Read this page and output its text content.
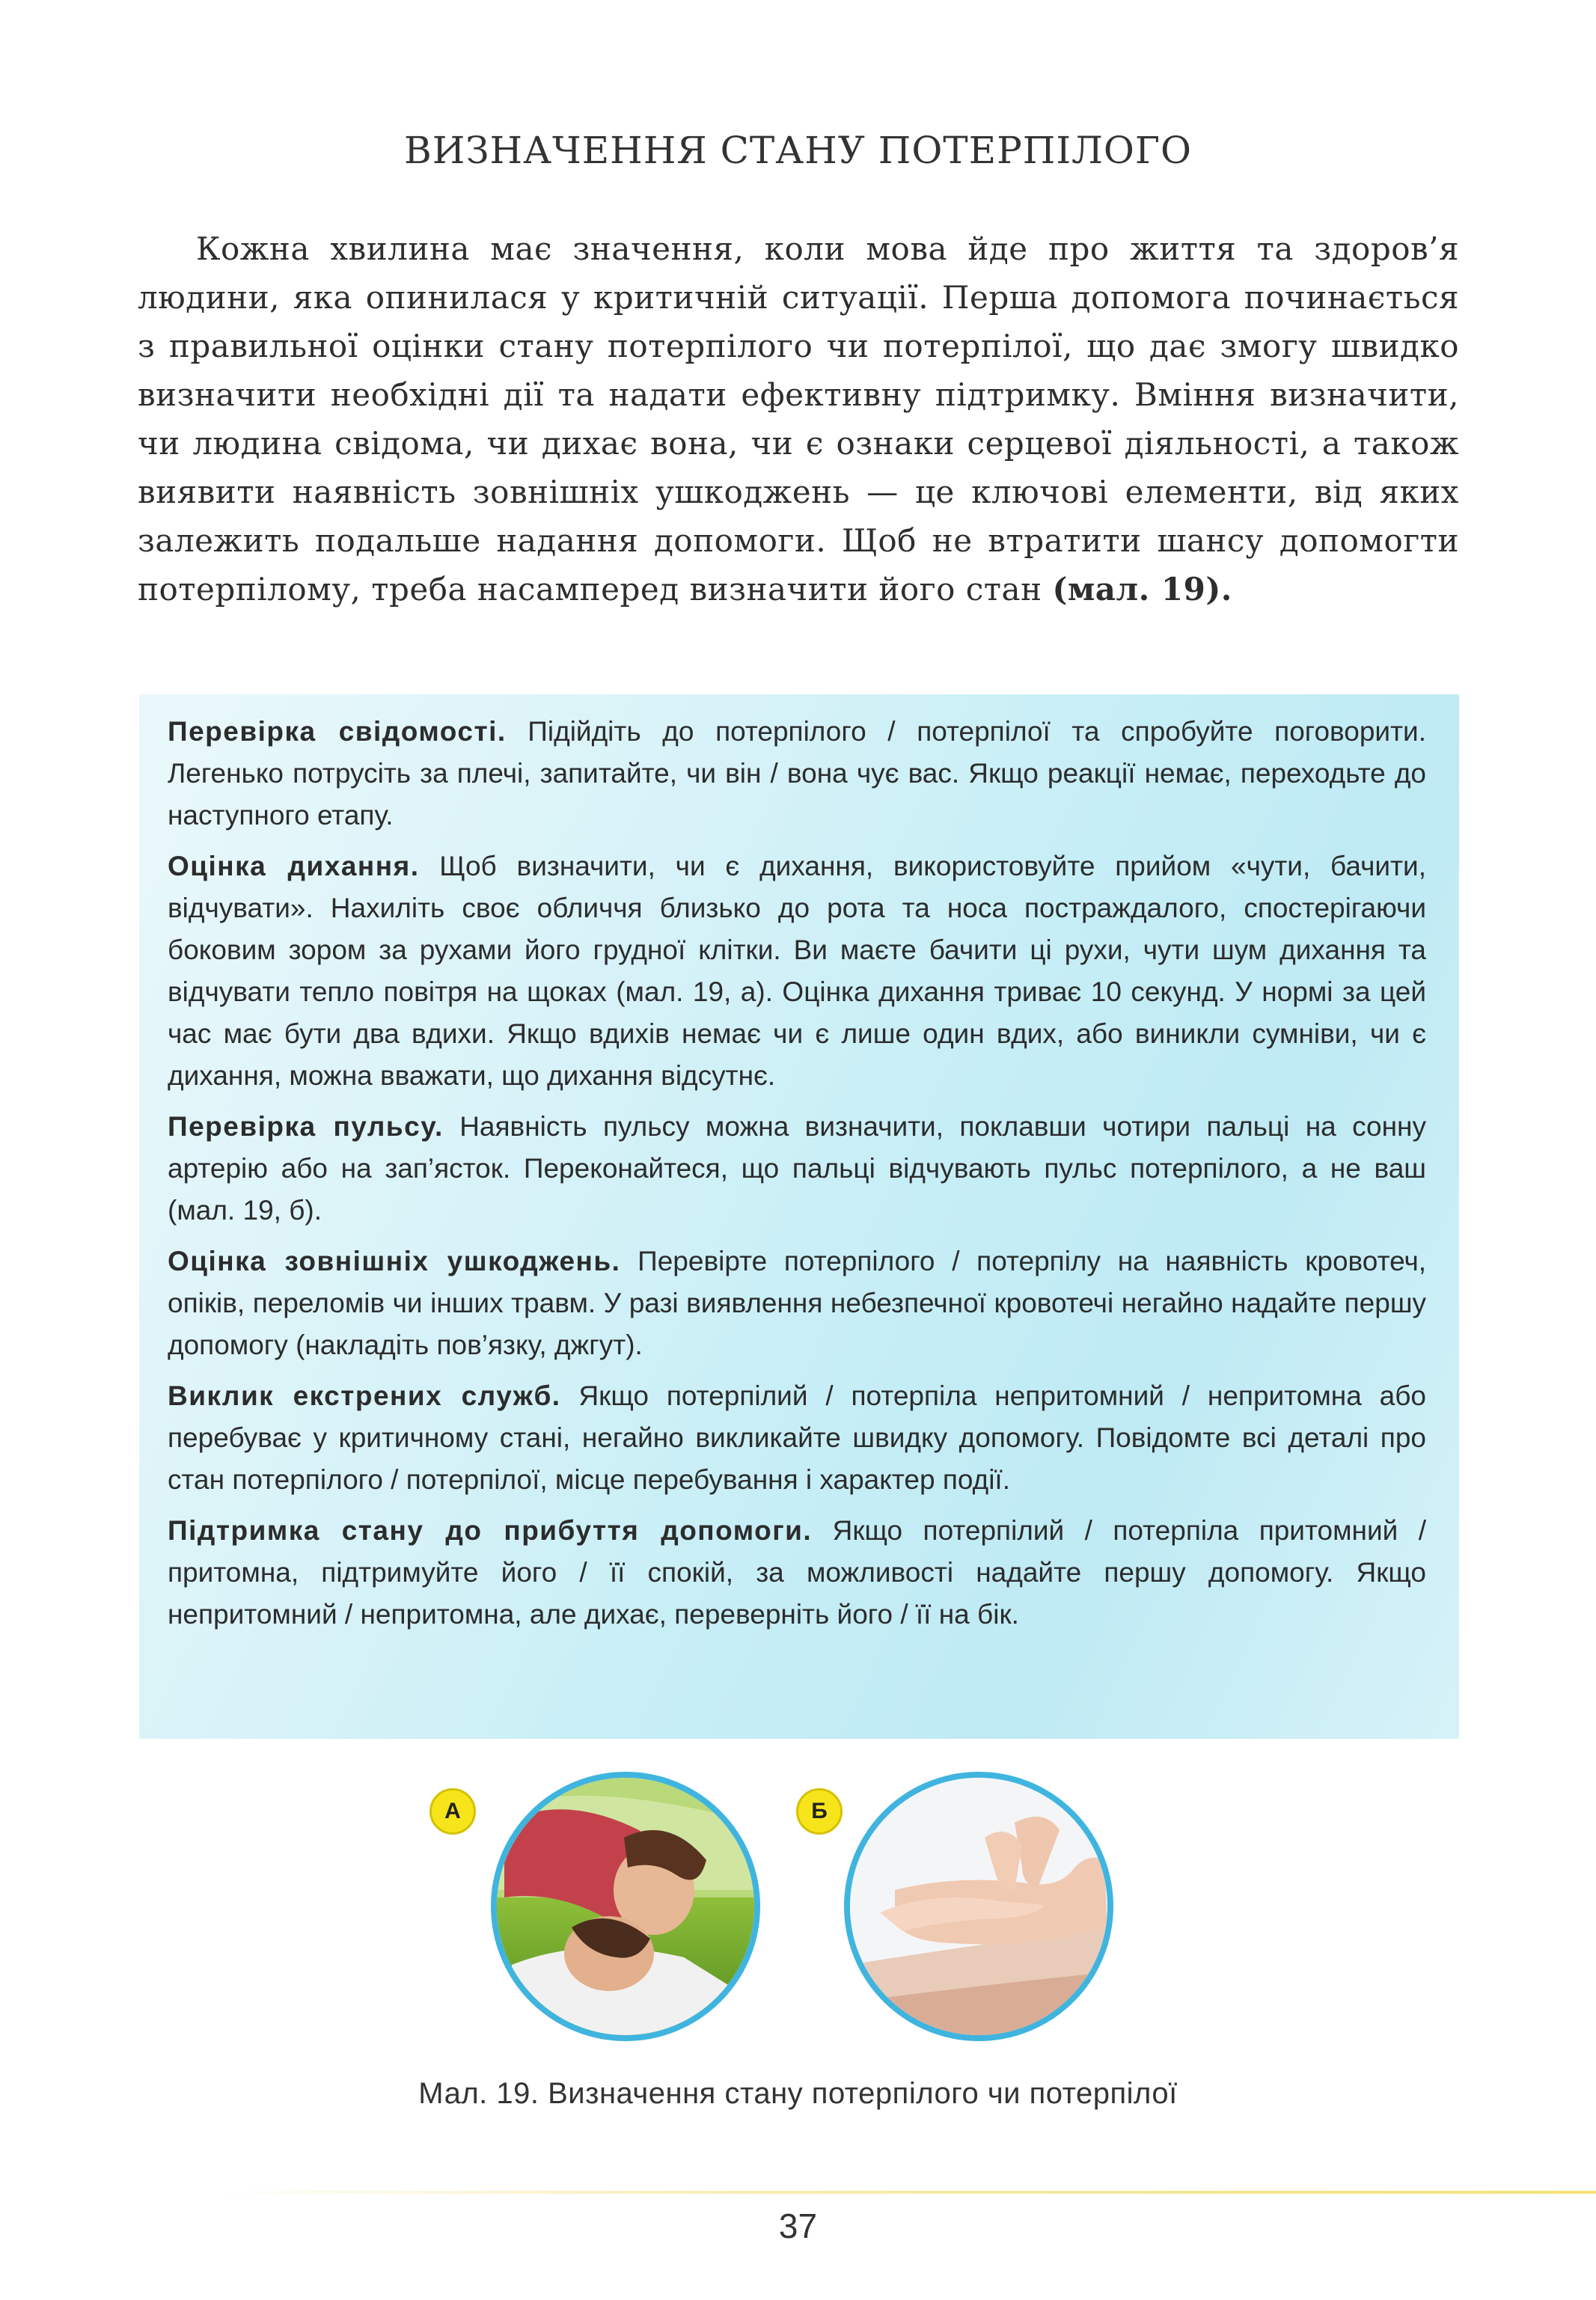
ВИЗНАЧЕННЯ СТАНУ ПОТЕРПІЛОГО

Кожна хвилина має значення, коли мова йде про життя та здоров’я людини, яка опинилася у критичній ситуації. Перша допомога починається з правильної оцінки стану потерпілого чи потерпілої, що дає змогу швидко визначити необхідні дії та надати ефективну підтримку. Вміння визначити, чи людина свідома, чи дихає вона, чи є ознаки серцевої діяльності, а також виявити наявність зовнішніх ушкоджень — це ключові елементи, від яких залежить подальше надання допомоги. Щоб не втратити шансу допомогти потерпілому, треба насамперед визначити його стан (мал. 19).

Перевірка свідомості. Підійдіть до потерпілого / потерпілої та спробуйте поговорити. Легенько потрусіть за плечі, запитайте, чи він / вона чує вас. Якщо реакції немає, переходьте до наступного етапу.

Оцінка дихання. Щоб визначити, чи є дихання, використовуйте прийом «чути, бачити, відчувати». Нахиліть своє обличчя близько до рота та носа постраждалого, спостерігаючи боковим зором за рухами його грудної клітки. Ви маєте бачити ці рухи, чути шум дихання та відчувати тепло повітря на щоках (мал. 19, а). Оцінка дихання триває 10 секунд. У нормі за цей час має бути два вдихи. Якщо вдихів немає чи є лише один вдих, або виникли сумніви, чи є дихання, можна вважати, що дихання відсутнє.

Перевірка пульсу. Наявність пульсу можна визначити, поклавши чотири пальці на сонну артерію або на зап’ясток. Переконайтеся, що пальці відчувають пульс потерпілого, а не ваш (мал. 19, б).

Оцінка зовнішніх ушкоджень. Перевірте потерпілого / потерпілу на наявність кровотеч, опіків, переломів чи інших травм. У разі виявлення небезпечної кровотечі негайно надайте першу допомогу (накладіть пов’язку, джгут).

Виклик екстрених служб. Якщо потерпілий / потерпіла непритомний / непритомна або перебуває у критичному стані, негайно викликайте швидку допомогу. Повідомте всі деталі про стан потерпілого / потерпілої, місце перебування і характер події.

Підтримка стану до прибуття допомоги. Якщо потерпілий / потерпіла притомний / притомна, підтримуйте його / її спокій, за можливості надайте першу допомогу. Якщо непритомний / непритомна, але дихає, переверніть його / її на бік.

А	Б
Мал. 19. Визначення стану потерпілого чи потерпілої
37
